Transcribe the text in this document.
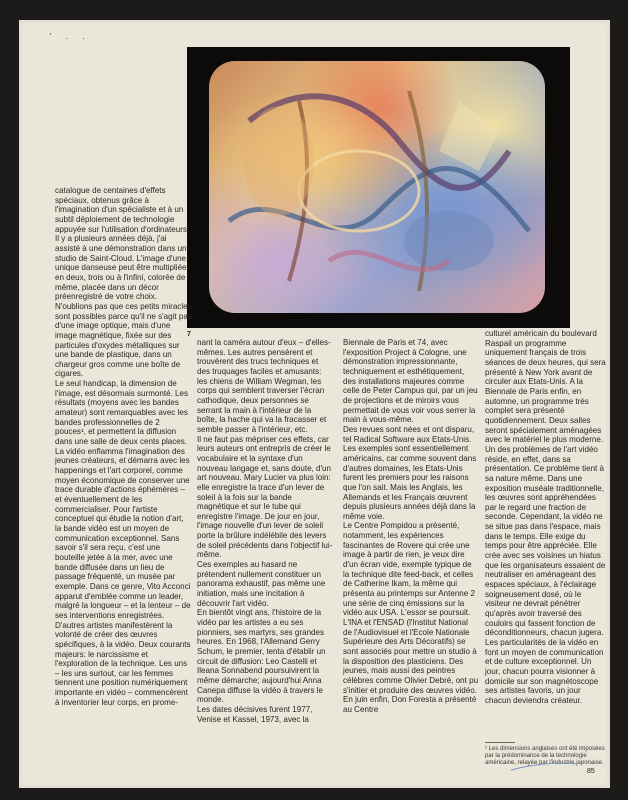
' . .
7

catalogue de centaines d'effets spéciaux, obtenus grâce à l'imagination d'un spécialiste et à un subtil déploiement de technologie appuyée sur l'utilisation d'ordinateurs.
Il y a plusieurs années déjà, j'ai assisté à une démonstration dans un studio de Saint-Cloud. L'image d'une unique danseuse peut être multipliée en deux, trois ou à l'infini, colorée de même, placée dans un décor préenregistré de votre choix. N'oublions pas que ces petits miracles sont possibles parce qu'il ne s'agit pas d'une image optique, mais d'une image magnétique, fixée sur des particules d'oxydes métalliques sur une bande de plastique, dans un chargeur gros comme une boîte de cigares.
Le seul handicap, la dimension de l'image, est désormais surmonté. Les résultats (moyens avec les bandes amateur) sont remarquables avec les bandes professionnelles de 2 pouces¹, et permettent la diffusion dans une salle de deux cents places. La vidéo enflamma l'imagination des jeunes créateurs, et démarra avec les happenings et l'art corporel, comme moyen économique de conserver une trace durable d'actions éphémères – et éventuellement de les commercialiser. Pour l'artiste conceptuel qui étudie la notion d'art, la bande vidéo est un moyen de communication exceptionnel. Sans savoir s'il sera reçu, c'est une bouteille jetée à la mer, avec une bande diffusée dans un lieu de passage fréquenté, un musée par exemple. Dans ce genre, Vito Acconci apparut d'emblée comme un leader, malgré la longueur – et la lenteur – de ses interventions enregistrées.
D'autres artistes manifestèrent la volonté de créer des œuvres spécifiques, à la vidéo. Deux courants majeurs: le narcissisme et l'exploration de la technique. Les uns – les uns surtout, car les femmes tiennent une position numériquement importante en vidéo – commencèrent à inventorier leur corps, en prome-

nant la caméra autour d'eux – d'elles-mêmes. Les autres pensèrent et trouvèrent des trucs techniques et des truquages faciles et amusants: les chiens de William Wegman, les corps qui semblent traverser l'écran cathodique, deux personnes se serrant la main à l'intérieur de la boîte, la hache qui va la fracasser et semble passer à l'intérieur, etc.
Il ne faut pas mépriser ces effets, car leurs auteurs ont entrepris de créer le vocabulaire et la syntaxe d'un nouveau langage et, sans doute, d'un art nouveau. Mary Lucier va plus loin: elle enregistre la trace d'un lever de soleil à la fois sur la bande magnétique et sur le tube qui enregistre l'image. De jour en jour, l'image nouvelle d'un lever de soleil porte la brûlure indélébile des levers de soleil précédents dans l'objectif lui-même.
Ces exemples au hasard ne prétendent nullement constituer un panorama exhaustif, pas même une initiation, mais une incitation à découvrir l'art vidéo.
En bientôt vingt ans, l'histoire de la vidéo par les artistes a eu ses pionniers, ses martyrs, ses grandes heures. En 1968, l'Allemand Gerry Schum, le premier, tenta d'établir un circuit de diffusion: Leo Castelli et Ileana Sonnabend poursuivirent la même démarche; aujourd'hui Anna Canepa diffuse la vidéo à travers le monde.
Les dates décisives furent 1977, Venise et Kassel, 1973, avec la

Biennale de Paris et 74, avec l'exposition Project à Cologne, une démonstration impressionnante, techniquement et esthétiquement, des installations majeures comme celle de Peter Campus qui, par un jeu de projections et de miroirs vous permettait de vous voir vous serrer la main à vous-même.
Des revues sont nées et ont disparu, tel Radical Software aux Etats-Unis.
Les exemples sont essentiellement américains, car comme souvent dans d'autres domaines, les Etats-Unis furent les premiers pour les raisons que l'on sait. Mais les Anglais, les Allemands et les Français œuvrent depuis plusieurs années déjà dans la même voie.
Le Centre Pompidou a présenté, notamment, les expériences fascinantes de Rovere qui crée une image à partir de rien, je veux dire d'un écran vide, exemple typique de la technique dite feed-back, et celles de Catherine Ikam, la même qui présenta au printemps sur Antenne 2 une série de cinq émissions sur la vidéo aux USA. L'essor se poursuit. L'INA et l'ENSAD (l'Institut National de l'Audiovisuel et l'Ecole Nationale Supérieure des Arts Décoratifs) se sont associés pour mettre un studio à la disposition des plasticiens. Des jeunes, mais aussi des peintres célèbres comme Olivier Debré, ont pu s'initier et produire des œuvres vidéo. En juin enfin, Don Foresta a présenté au Centre

culturel américain du boulevard Raspail un programme uniquement français de trois séances de deux heures, qui sera présenté à New York avant de circuler aux Etats-Unis. A la Biennale de Paris enfin, en automne, un programme très complet sera présenté quotidiennement. Deux salles seront spécialement aménagées avec le matériel le plus moderne. Un des problèmes de l'art vidéo réside, en effet, dans sa présentation. Ce problème tient à sa nature même. Dans une exposition muséale traditionnelle, les œuvres sont appréhendées par le regard une fraction de seconde. Cependant, la vidéo ne se situe pas dans l'espace, mais dans le temps. Elle exige du temps pour être appréciée. Elle crée avec ses voisines un hiatus que les organisateurs essaient de neutraliser en aménageant des espaces spéciaux, à l'éclairage soigneusement dosé, où le visiteur ne devrait pénétrer qu'après avoir traversé des couloirs qui fassent fonction de déconditionneurs, chacun jugera. Les particularités de la vidéo en font un moyen de communication et de culture exceptionnel. Un jour, chacun pourra visionner à domicile sur son magnétoscope ses artistes favoris, un jour chacun deviendra créateur.

¹ Les dimensions anglaises ont été imposées par la prédominance de la technologie américaine, relayée par l'industrie japonaise.
85
